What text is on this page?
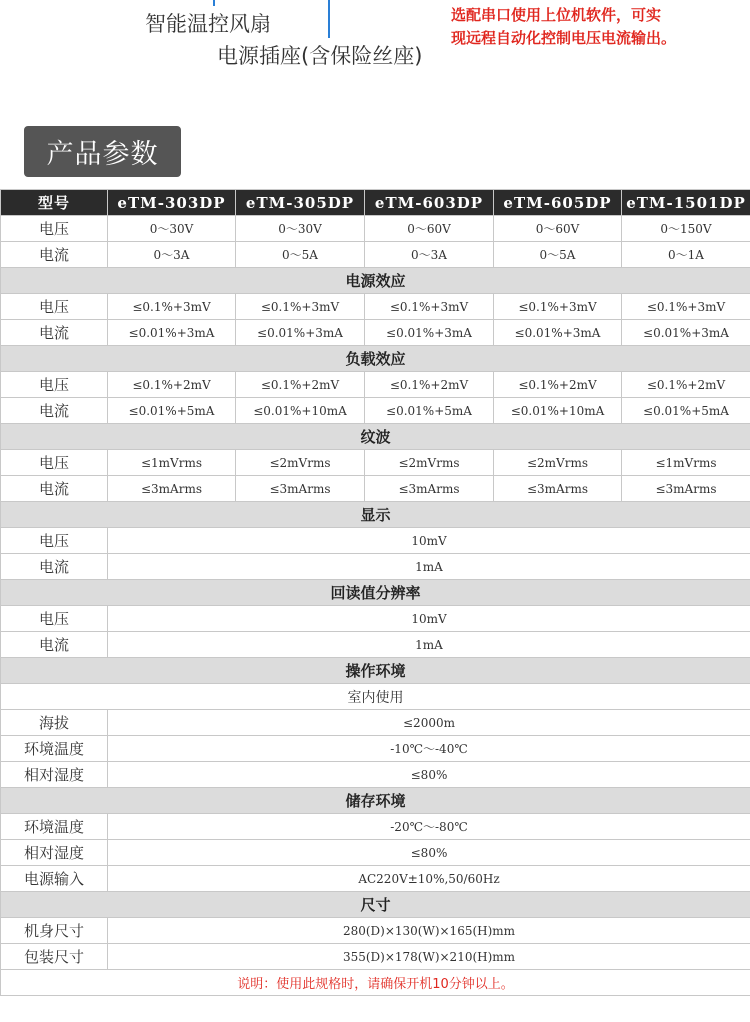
智能温控风扇
电源插座(含保险丝座)
选配串口使用上位机软件，可实
现远程自动化控制电压电流输出。
产品参数
型号	eTM-303DP	eTM-305DP	eTM-603DP	eTM-605DP	eTM-1501DP
电压	0～30V	0～30V	0～60V	0～60V	0～150V
电流	0～3A	0～5A	0～3A	0～5A	0～1A
电源效应					
电压	≤0.1%+3mV	≤0.1%+3mV	≤0.1%+3mV	≤0.1%+3mV	≤0.1%+3mV
电流	≤0.01%+3mA	≤0.01%+3mA	≤0.01%+3mA	≤0.01%+3mA	≤0.01%+3mA
负载效应					
电压	≤0.1%+2mV	≤0.1%+2mV	≤0.1%+2mV	≤0.1%+2mV	≤0.1%+2mV
电流	≤0.01%+5mA	≤0.01%+10mA	≤0.01%+5mA	≤0.01%+10mA	≤0.01%+5mA
纹波					
电压	≤1mVrms	≤2mVrms	≤2mVrms	≤2mVrms	≤1mVrms
电流	≤3mArms	≤3mArms	≤3mArms	≤3mArms	≤3mArms
显示					
电压	10mV				
电流	1mA				
回读值分辨率					
电压	10mV				
电流	1mA				
操作环境					
室内使用					
海拔	≤2000m				
环境温度	-10℃～-40℃				
相对湿度	≤80%				
储存环境					
环境温度	-20℃～-80℃				
相对湿度	≤80%				
电源输入	AC220V±10%,50/60Hz				
尺寸					
机身尺寸	280(D)×130(W)×165(H)mm				
包装尺寸	355(D)×178(W)×210(H)mm				
说明：使用此规格时，请确保开机10分钟以上。					
